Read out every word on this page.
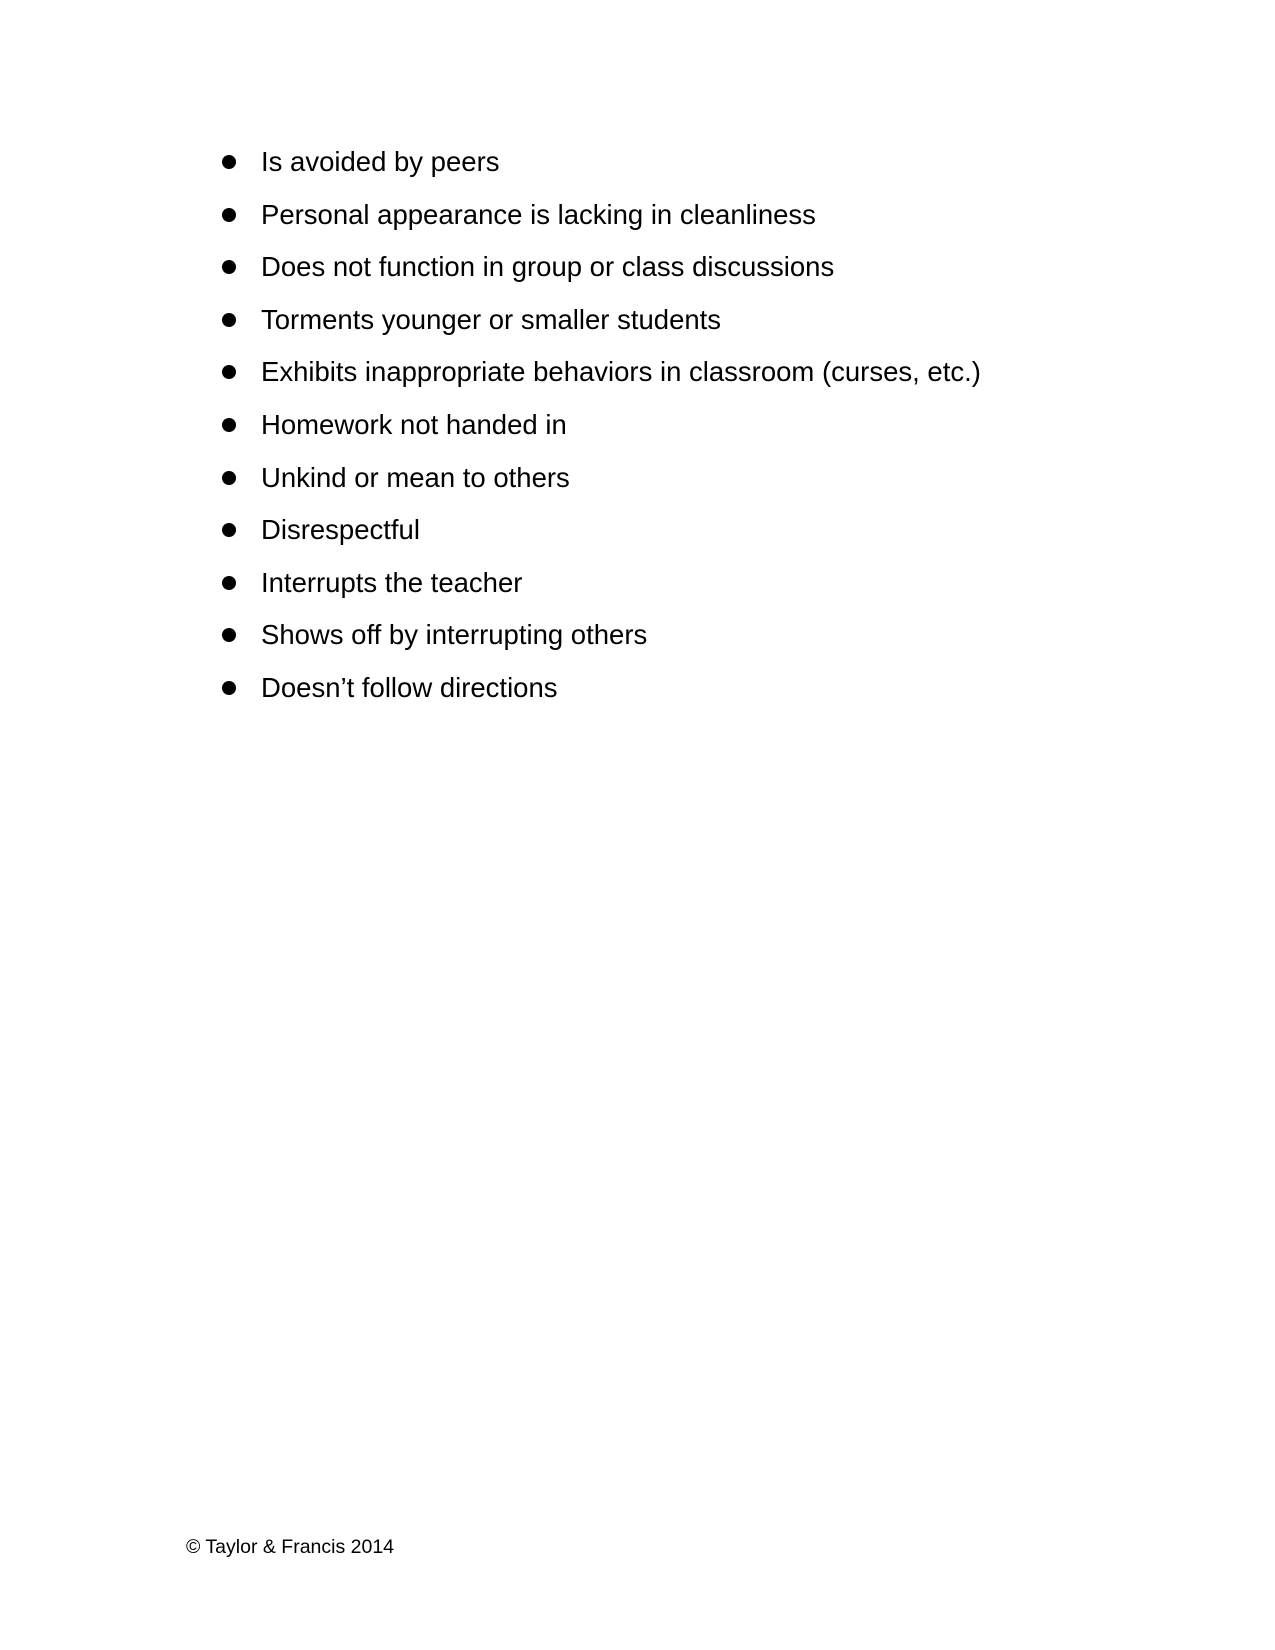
Is avoided by peers
Personal appearance is lacking in cleanliness
Does not function in group or class discussions
Torments younger or smaller students
Exhibits inappropriate behaviors in classroom (curses, etc.)
Homework not handed in
Unkind or mean to others
Disrespectful
Interrupts the teacher
Shows off by interrupting others
Doesn’t follow directions
© Taylor & Francis 2014
